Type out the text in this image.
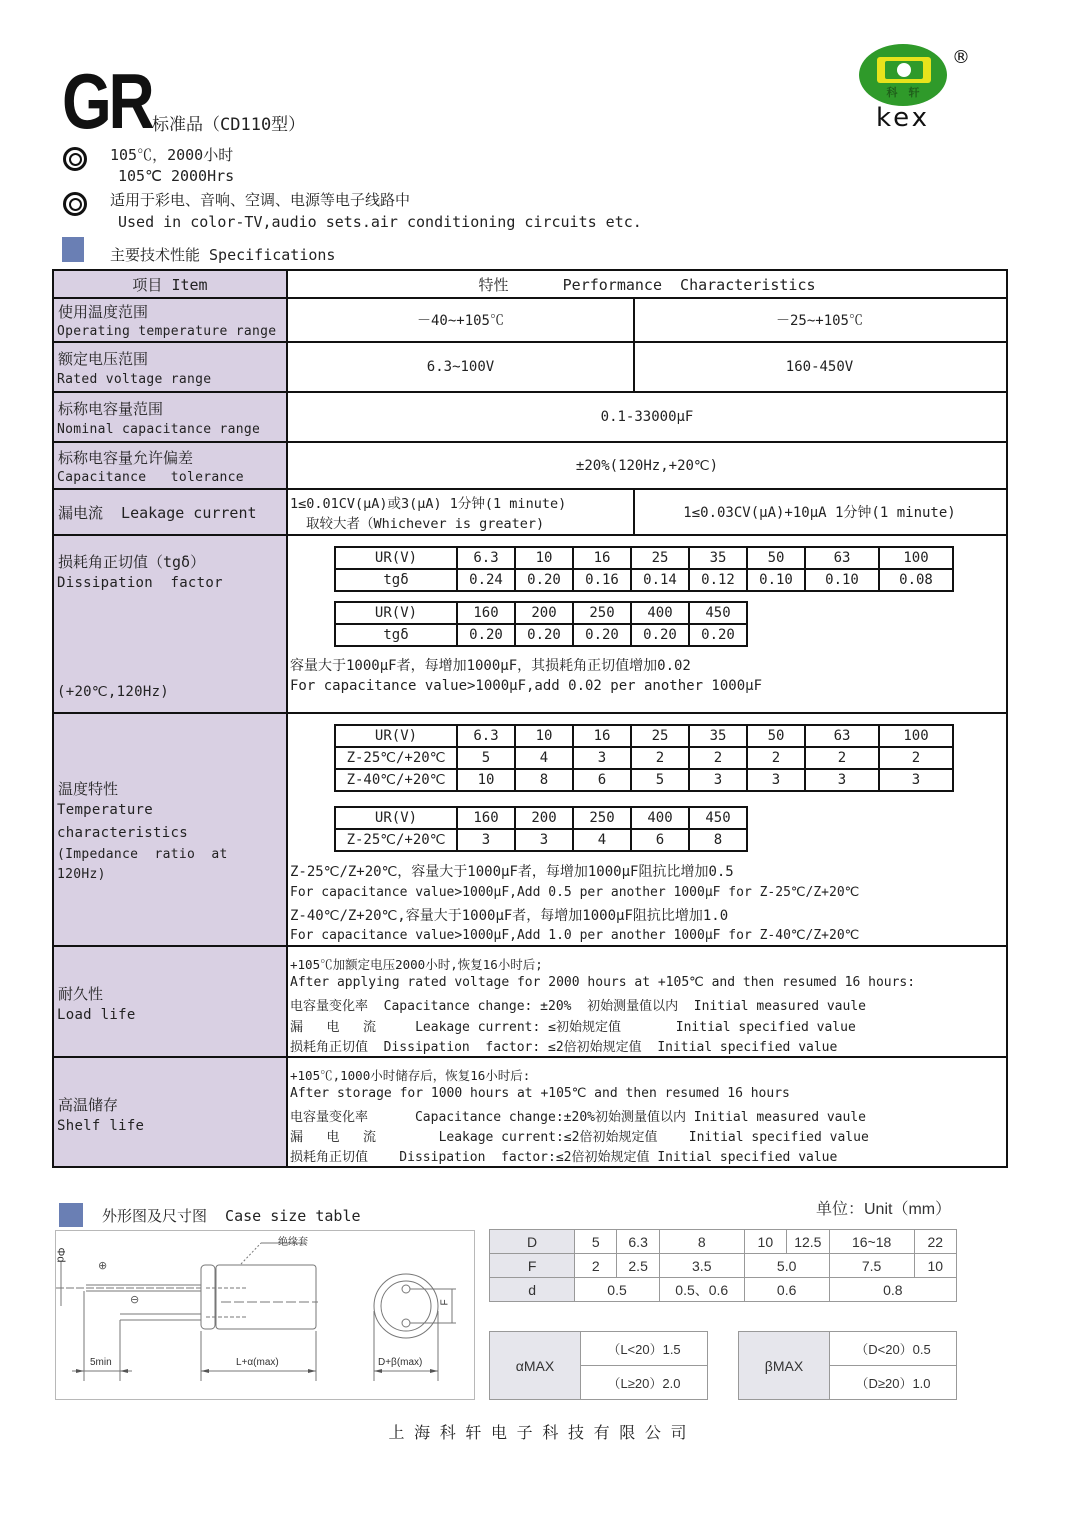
GR 标准品（CD110型）
105℃，2000小时
105℃ 2000Hrs
适用于彩电、音响、空调、电源等电子线路中
Used in color-TV,audio sets.air conditioning circuits etc.
主要技术性能 Specifications
科　轩
kex
®
项目 Item	特性      Performance  Characteristics
使用温度范围
Operating temperature range
－40~+105℃	－25~+105℃
额定电压范围
Rated voltage range
6.3~100V	160-450V
标称电容量范围
Nominal capacitance range
0.1-33000μF
标称电容量允许偏差
Capacitance   tolerance
±20%(120Hz,+20℃)
漏电流  Leakage current 1≤0.01CV(μA)或3(μA) 1分钟(1 minute)
取较大者（Whichever is greater)
1≤0.03CV(μA)+10μA 1分钟(1 minute)
损耗角正切值（tgδ）
Dissipation  factor
(+20℃,120Hz)
UR(V)	6.3	10	16	25	35	50	63	100
tgδ	0.24	0.20	0.16	0.14	0.12	0.10	0.10	0.08
UR(V)	160	200	250	400	450
tgδ	0.20	0.20	0.20	0.20	0.20
容量大于1000μF者，每增加1000μF，其损耗角正切值增加0.02
For capacitance value>1000μF,add 0.02 per another 1000μF
温度特性
Temperature
characteristics
(Impedance  ratio  at
120Hz)
UR(V)	6.3	10	16	25	35	50	63	100
Z-25℃/+20℃	5	4	3	2	2	2	2	2
Z-40℃/+20℃	10	8	6	5	3	3	3	3
UR(V)	160	200	250	400	450
Z-25℃/+20℃	3	3	4	6	8
Z-25℃/Z+20℃，容量大于1000μF者，每增加1000μF阻抗比增加0.5
For capacitance value>1000μF,Add 0.5 per another 1000μF for Z-25℃/Z+20℃
Z-40℃/Z+20℃,容量大于1000μF者，每增加1000μF阻抗比增加1.0
For capacitance value>1000μF,Add 1.0 per another 1000μF for Z-40℃/Z+20℃
耐久性
Load life
+105℃加额定电压2000小时,恢复16小时后;
After applying rated voltage for 2000 hours at +105℃ and then resumed 16 hours:
电容量变化率  Capacitance change: ±20%  初始测量值以内  Initial measured vaule
漏   电   流     Leakage current: ≤初始规定值       Initial specified value
损耗角正切值  Dissipation  factor: ≤2倍初始规定值  Initial specified value
高温储存
Shelf life
+105℃,1000小时储存后，恢复16小时后:
After storage for 1000 hours at +105℃ and then resumed 16 hours
电容量变化率      Capacitance change:±20%初始测量值以内 Initial measured vaule
漏   电   流        Leakage current:≤2倍初始规定值    Initial specified value
损耗角正切值    Dissipation  factor:≤2倍初始规定值 Initial specified value
外形图及尺寸图  Case size table	单位：Unit（mm）
绝缘套
Φd
⊕
⊖
5min	L+α(max)	D+β(max)
F
D	5	6.3	8	10	12.5	16~18	22
F	2	2.5	3.5	5.0		7.5	10
d	0.5		0.5、0.6	0.6		0.8	
αMAX	（L<20）1.5
（L≥20）2.0
βMAX	（D<20）0.5
（D≥20）1.0
上 海 科 轩 电 子 科 技 有 限 公 司
